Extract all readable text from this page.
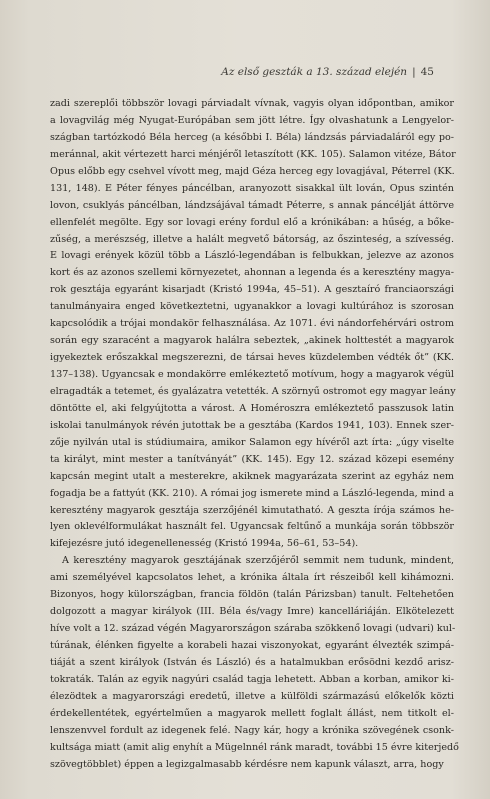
Az első geszták a 13. század elején | 45
zadi szereplői többször lovagi párviadalt vívnak, vagyis olyan időpontban, amikor
a lovagvilág még Nyugat-Európában sem jött létre. Így olvashatunk a Lengyelor-
szágban tartózkodó Béla herceg (a későbbi I. Béla) lándzsás párviadaláról egy po-
meránnal, akit vértezett harci ménjéről letaszított (KK. 105). Salamon vitéze, Bátor
Opus előbb egy csehvel vívott meg, majd Géza herceg egy lovagjával, Péterrel (KK.
131, 148). E Péter fényes páncélban, aranyozott sisakkal ült lován, Opus szintén
lovon, csuklyás páncélban, lándzsájával támadt Péterre, s annak páncélját áttörve
ellenfelét megölte. Egy sor lovagi erény fordul elő a krónikában: a hűség, a bőke-
zűség, a merészség, illetve a halált megvető bátorság, az őszinteség, a szívesség.
E lovagi erények közül több a László-legendában is felbukkan, jelezve az azonos
kort és az azonos szellemi környezetet, ahonnan a legenda és a keresztény magya-
rok gesztája egyaránt kisarjadt (Kristó 1994a, 45–51). A gesztaíró franciaországi
tanulmányaira enged következtetni, ugyanakkor a lovagi kultúrához is szorosan
kapcsolódik a trójai mondakör felhasználása. Az 1071. évi nándorfehérvári ostrom
során egy szaracént a magyarok halálra sebeztek, „akinek holttestét a magyarok
igyekeztek erőszakkal megszerezni, de társai heves küzdelemben védték őt” (KK.
137–138). Ugyancsak e mondakörre emlékeztető motívum, hogy a magyarok végül
elragadták a tetemet, és gyalázatra vetették. A szörnyű ostromot egy magyar leány
döntötte el, aki felgyújtotta a várost. A Homéroszra emlékeztető passzusok latin
iskolai tanulmányok révén jutottak be a gesztába (Kardos 1941, 103). Ennek szer-
zője nyilván utal is stúdiumaira, amikor Salamon egy hívéről azt írta: „úgy viselte
ta királyt, mint mester a tanítványát” (KK. 145). Egy 12. század közepi esemény
kapcsán megint utalt a mesterekre, akiknek magyarázata szerint az egyház nem
fogadja be a fattyút (KK. 210). A római jog ismerete mind a László-legenda, mind a
keresztény magyarok gesztája szerzőjénél kimutatható. A geszta írója számos he-
lyen oklevélformulákat használt fel. Ugyancsak feltűnő a munkája során többször
kifejezésre jutó idegenellenesség (Kristó 1994a, 56–61, 53–54).
A keresztény magyarok gesztájának szerzőjéről semmit nem tudunk, mindent,
ami személyével kapcsolatos lehet, a krónika általa írt részeiből kell kihámozni.
Bizonyos, hogy külországban, francia földön (talán Párizsban) tanult. Feltehetően
dolgozott a magyar királyok (III. Béla és/vagy Imre) kancelláriáján. Elkötelezett
híve volt a 12. század végén Magyarországon száraba szökkenő lovagi (udvari) kul-
túrának, élénken figyelte a korabeli hazai viszonyokat, egyaránt élvezték szimpá-
tiáját a szent királyok (István és László) és a hatalmukban erősödni kezdő arisz-
tokraták. Talán az egyik nagyúri család tagja lehetett. Abban a korban, amikor ki-
élezödtek a magyarországi eredetű, illetve a külföldi származású előkelők közti
érdekellentétek, egyértelműen a magyarok mellett foglalt állást, nem titkolt el-
lenszenvvel fordult az idegenek felé. Nagy kár, hogy a krónika szövegének csonk-
kultsága miatt (amit alig enyhít a Mügelnnél ránk maradt, további 15 évre kiterjedő
szövegtöbblet) éppen a legizgalmasabb kérdésre nem kapunk választ, arra, hogy
